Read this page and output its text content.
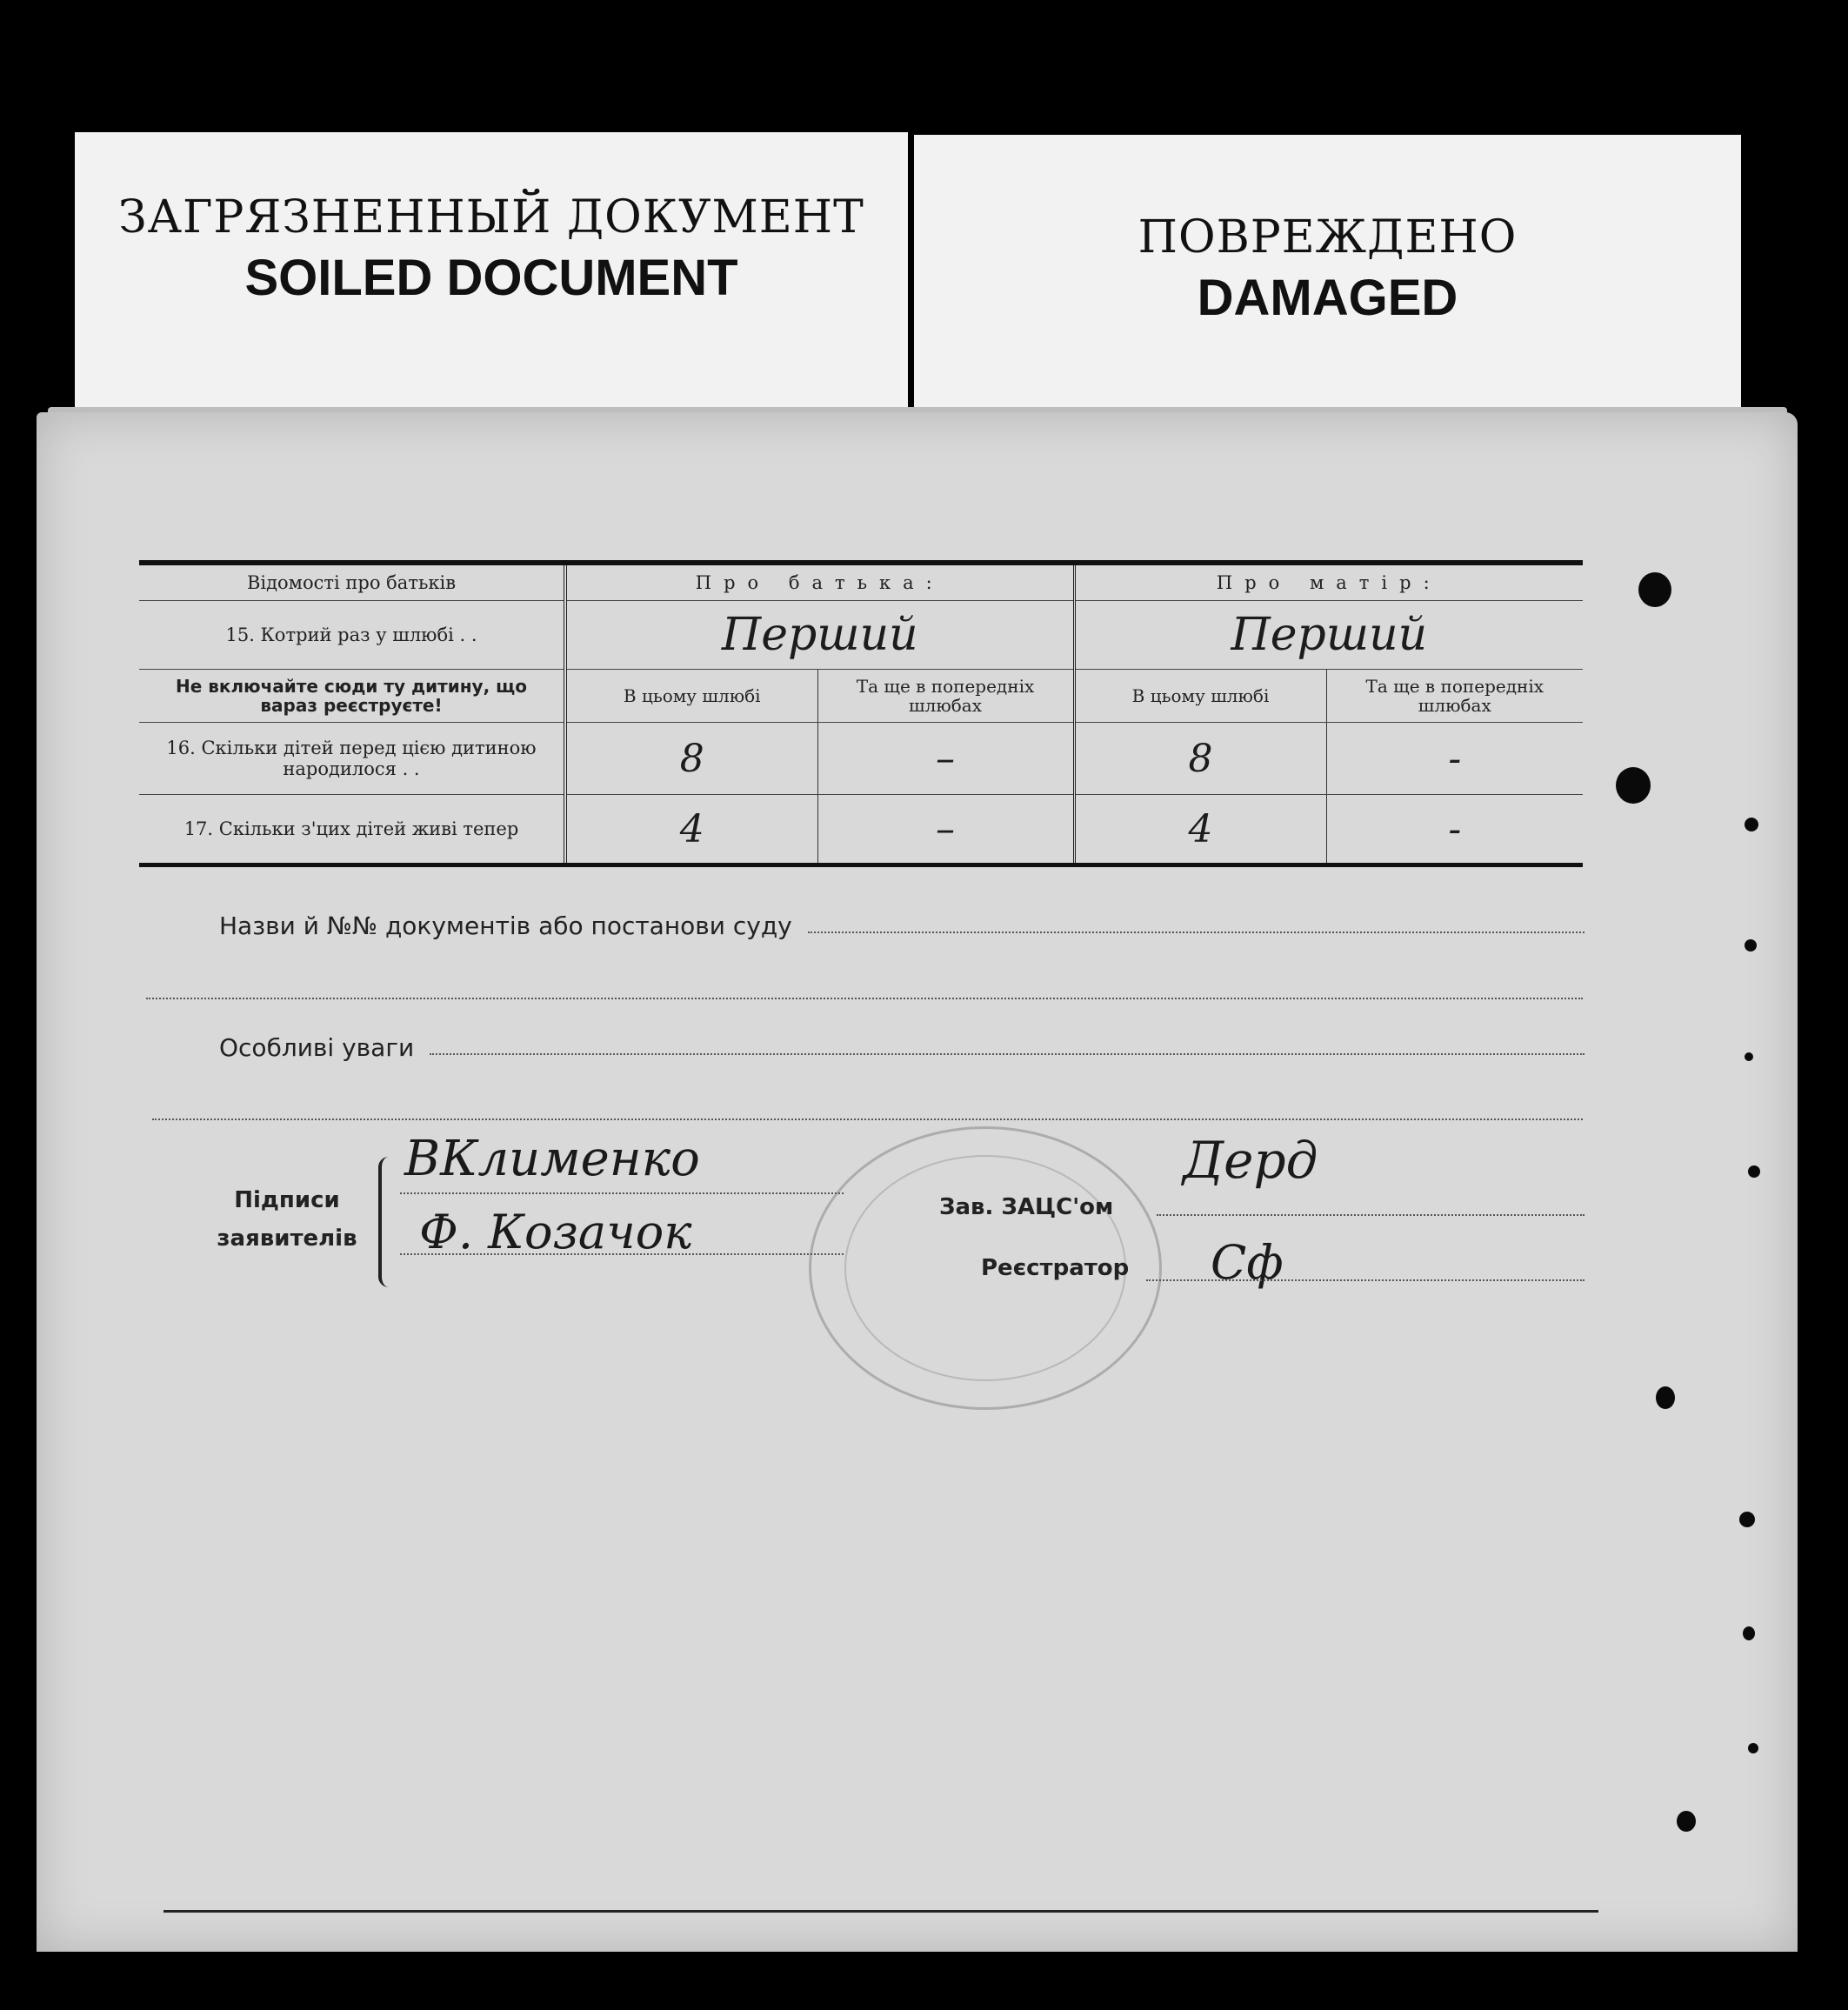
ЗАГРЯЗНЕННЫЙ ДОКУМЕНТ
SOILED DOCUMENT
ПОВРЕЖДЕНО
DAMAGED
Відомості про батьків	Про батька:		Про матір:	
15. Котрий раз у шлюбі . .	Перший		Перший	
Не включайте сюди ту дитину, що вараз реєструєте!	В цьому шлюбі	Та ще в попередніх шлюбах	В цьому шлюбі	Та ще в попередніх шлюбах
16. Скільки дітей перед цією дитиною народилося . .	8	–	8	-
17. Скільки з'цих дітей живі тепер	4	–	4	-
Назви й №№ документів або постанови суду
Особливі уваги
Підписи
заявителів
ВКлименко
Ф. Козачок	Зав. ЗАЦС'ом
Дерд
Реєстратор	Сф
